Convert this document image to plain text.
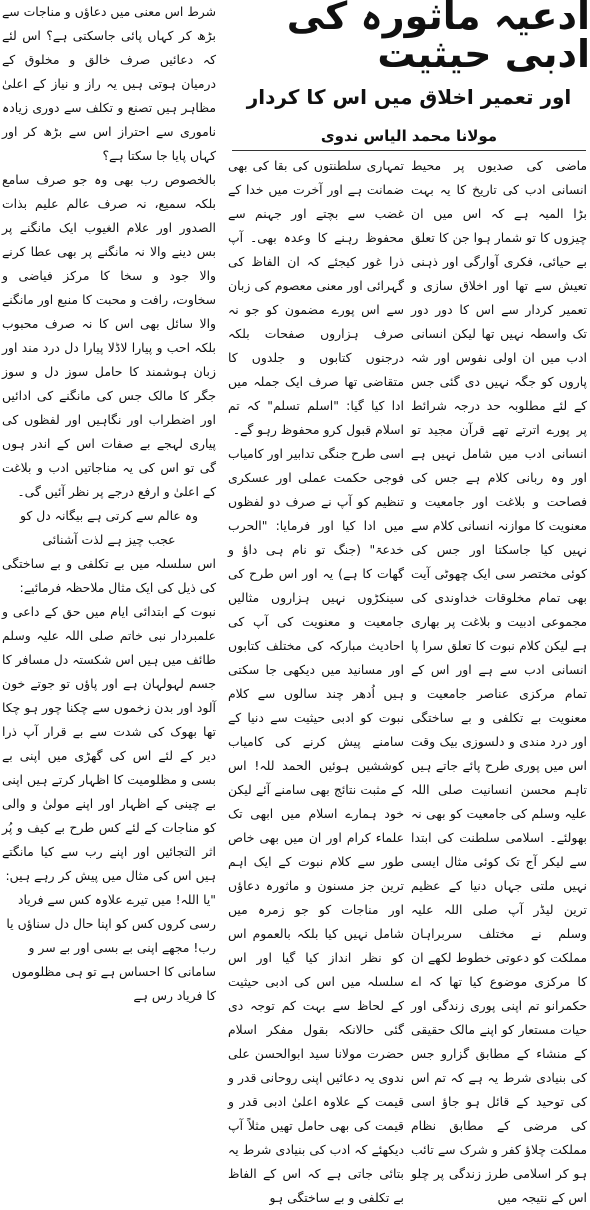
ادعیہ ماثورہ کی ادبی حیثیت
اور تعمیر اخلاق میں اس کا کردار
مولانا محمد الیاس ندوی

ماضی کی صدیوں پر محیط انسانی ادب کی تاریخ کا یہ بہت بڑا المیہ ہے کہ اس میں ان چیزوں کا تو شمار ہوا جن کا تعلق بے حیائی، فکری آوارگی اور ذہنی تعیش سے تھا اور اخلاق سازی و تعمیر کردار سے اس کا دور دور تک واسطہ نہیں تھا لیکن انسانی ادب میں ان اولی نفوس اور شہ پاروں کو جگہ نہیں دی گئی جس کے لئے مطلوبہ حد درجہ شرائط پر پورے اترتے تھے قرآن مجید تو انسانی ادب میں شامل نہیں ہے اور وہ ربانی کلام ہے جس کی فصاحت و بلاغت اور جامعیت و معنویت کا موازنہ انسانی کلام سے نہیں کیا جاسکتا اور جس کی کوئی مختصر سی ایک چھوٹی آیت بھی تمام مخلوقات خداوندی کی مجموعی ادبیت و بلاغت پر بھاری ہے لیکن کلام نبوت کا تعلق سرا پا انسانی ادب سے ہے اور اس کے تمام مرکزی عناصر جامعیت و معنویت بے تکلفی و بے ساختگی اور درد مندی و دلسوزی بیک وقت اس میں پوری طرح پائے جاتے ہیں تاہم محسن انسانیت صلی اللہ علیہ وسلم کی جامعیت کو بھی نہ بھولئے۔ اسلامی سلطنت کی ابتدا سے لیکر آج تک کوئی مثال ایسی نہیں ملتی جہاں دنیا کے عظیم ترین لیڈر آپ صلی اللہ علیہ وسلم نے مختلف سربراہان مملکت کو دعوتی خطوط لکھے ان کا مرکزی موضوع کیا تھا کہ اے حکمرانو تم اپنی پوری زندگی اور حیات مستعار کو اپنے مالک حقیقی کے منشاء کے مطابق گزارو جس کی بنیادی شرط یہ ہے کہ تم اس کی توحید کے قائل ہو جاؤ اسی کی مرضی کے مطابق نظام مملکت چلاؤ کفر و شرک سے تائب ہو کر اسلامی طرز زندگی پر چلو اس کے نتیجہ میں

تمہاری سلطنتوں کی بقا کی بھی ضمانت ہے اور آخرت میں خدا کے غضب سے بچتے اور جہنم سے محفوظ رہنے کا وعدہ بھی۔ آپ ذرا غور کیجئے کہ ان الفاظ کی گہرائی اور معنی معصوم کی زبان سے اس پورے مضمون کو جو نہ صرف ہزاروں صفحات بلکہ درجنوں کتابوں و جلدوں کا متقاضی تھا صرف ایک جملہ میں ادا کیا گیا: "اسلم تسلم" کہ تم اسلام قبول کرو محفوظ رہو گے۔

اسی طرح جنگی تدابیر اور کامیاب فوجی حکمت عملی اور عسکری تنظیم کو آپ نے صرف دو لفظوں میں ادا کیا اور فرمایا: "الحرب خدعۃ" (جنگ تو نام ہی داؤ و گھات کا ہے) یہ اور اس طرح کی سینکڑوں نہیں ہزاروں مثالیں جامعیت و معنویت کی آپ کی احادیث مبارکہ کی مختلف کتابوں اور مسانید میں دیکھی جا سکتی ہیں اُدھر چند سالوں سے کلام نبوت کو ادبی حیثیت سے دنیا کے سامنے پیش کرنے کی کامیاب کوششیں ہوئیں الحمد للہ! اس کے مثبت نتائج بھی سامنے آئے لیکن خود ہمارے اسلام میں ابھی تک علماء کرام اور ان میں بھی خاص طور سے کلام نبوت کے ایک اہم ترین جز مسنون و ماثورہ دعاؤں اور مناجات کو جو زمرہ میں شامل نہیں کیا بلکہ بالعموم اس کو نظر انداز کیا گیا اور اس سلسلہ میں اس کی ادبی حیثیت کے لحاظ سے بہت کم توجہ دی گئی حالانکہ بقول مفکر اسلام حضرت مولانا سید ابوالحسن علی ندوی یہ دعائیں اپنی روحانی قدر و قیمت کے علاوہ اعلیٰ ادبی قدر و قیمت کی بھی حامل تھیں مثلاً آپ دیکھئے کہ ادب کی بنیادی شرط یہ بتائی جاتی ہے کہ اس کے الفاظ بے تکلفی و بے ساختگی ہو

شرط اس معنی میں دعاؤں و مناجات سے بڑھ کر کہاں پائی جاسکتی ہے؟ اس لئے کہ دعائیں صرف خالق و مخلوق کے درمیان ہوتی ہیں یہ راز و نیاز کے اعلیٰ مظاہر ہیں تصنع و تکلف سے دوری زیادہ ناموری سے احتراز اس سے بڑھ کر اور کہاں پایا جا سکتا ہے؟

بالخصوص رب بھی وہ جو صرف سامع بلکہ سمیع، نہ صرف عالم علیم بذات الصدور اور علام الغیوب ایک مانگنے پر بس دینے والا نہ مانگنے پر بھی عطا کرنے والا جود و سخا کا مرکز فیاضی و سخاوت، رافت و محبت کا منبع اور مانگنے والا سائل بھی اس کا نہ صرف محبوب بلکہ احب و پیارا لاڈلا پیارا دل درد مند اور زبان ہوشمند کا حامل سوز دل و سوز جگر کا مالک جس کی مانگنے کی ادائیں اور اضطراب اور نگاہیں اور لفظوں کی پیاری لہجے بے صفات اس کے اندر ہوں گی تو اس کی یہ مناجاتیں ادب و بلاغت کے اعلیٰ و ارفع درجے پر نظر آئیں گی۔

وہ عالم سے کرتی ہے بیگانہ دل کو

عجب چیز ہے لذت آشنائی

اس سلسلہ میں بے تکلفی و بے ساختگی کی ذیل کی ایک مثال ملاحظہ فرمائیے:

نبوت کے ابتدائی ایام میں حق کے داعی و علمبردار نبی خاتم صلی اللہ علیہ وسلم طائف میں ہیں اس شکستہ دل مسافر کا جسم لہولہان ہے اور پاؤں تو جوتے خون آلود اور بدن زخموں سے چکنا چور ہو چکا تھا بھوک کی شدت سے بے قرار آپ ذرا دیر کے لئے اس کی گھڑی میں اپنی بے بسی و مظلومیت کا اظہار کرتے ہیں اپنی بے چینی کے اظہار اور اپنے مولیٰ و والی کو مناجات کے لئے کس طرح بے کیف و پُر اثر التجائیں اور اپنے رب سے کیا مانگتے ہیں اس کی مثال میں پیش کر رہے ہیں:

"یا اللہ! میں تیرے علاوہ کس سے فریاد رسی کروں کس کو اپنا حال دل سناؤں یا رب! مجھے اپنی بے بسی اور بے سر و سامانی کا احساس ہے تو ہی مظلوموں کا فریاد رس ہے
